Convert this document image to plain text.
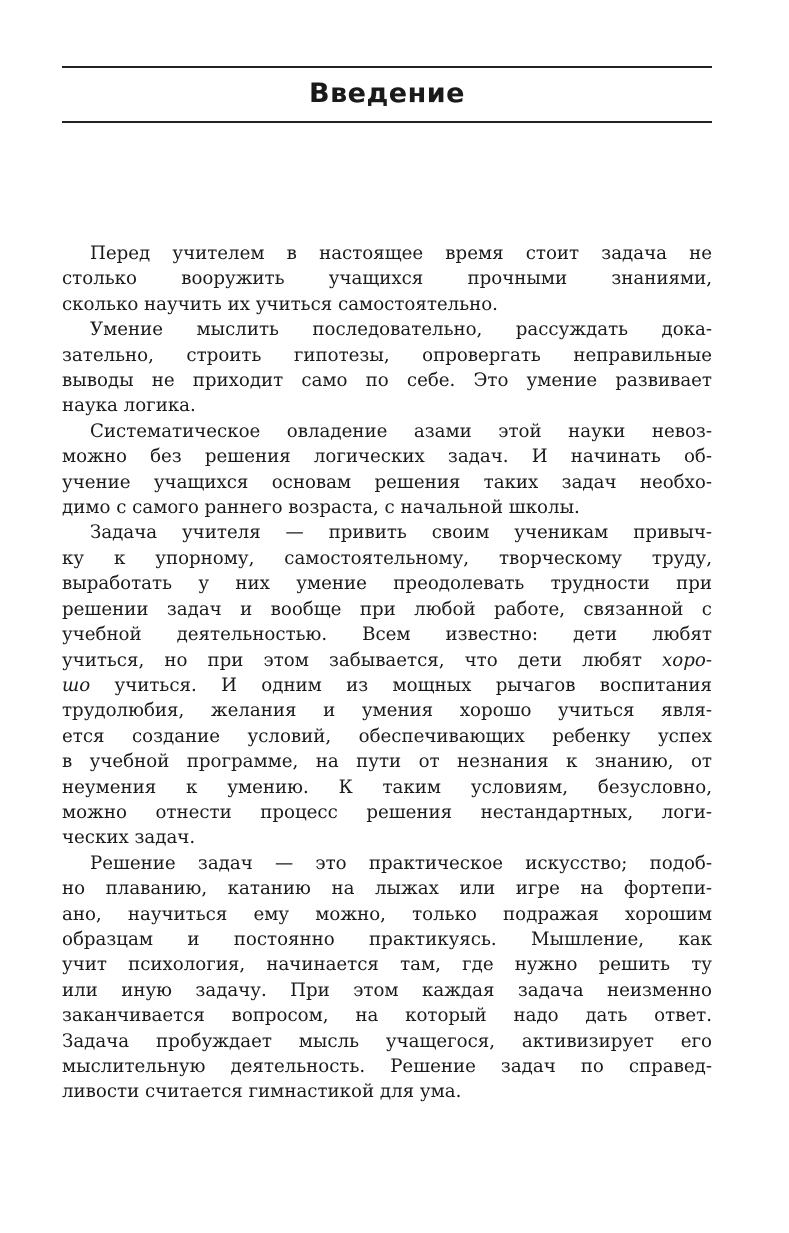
Введение

Перед учителем в настоящее время стоит задача не
столько вооружить учащихся прочными знаниями,
сколько научить их учиться самостоятельно.

Умение мыслить последовательно, рассуждать дока-
зательно, строить гипотезы, опровергать неправильные
выводы не приходит само по себе. Это умение развивает
наука логика.

Систематическое овладение азами этой науки невоз-
можно без решения логических задач. И начинать об-
учение учащихся основам решения таких задач необхо-
димо с самого раннего возраста, с начальной школы.

Задача учителя — привить своим ученикам привыч-
ку к упорному, самостоятельному, творческому труду,
выработать у них умение преодолевать трудности при
решении задач и вообще при любой работе, связанной с
учебной деятельностью. Всем известно: дети любят
учиться, но при этом забывается, что дети любят хоро-
шо учиться. И одним из мощных рычагов воспитания
трудолюбия, желания и умения хорошо учиться явля-
ется создание условий, обеспечивающих ребенку успех
в учебной программе, на пути от незнания к знанию, от
неумения к умению. К таким условиям, безусловно,
можно отнести процесс решения нестандартных, логи-
ческих задач.

Решение задач — это практическое искусство; подоб-
но плаванию, катанию на лыжах или игре на фортепи-
ано, научиться ему можно, только подражая хорошим
образцам и постоянно практикуясь. Мышление, как
учит психология, начинается там, где нужно решить ту
или иную задачу. При этом каждая задача неизменно
заканчивается вопросом, на который надо дать ответ.
Задача пробуждает мысль учащегося, активизирует его
мыслительную деятельность. Решение задач по справед-
ливости считается гимнастикой для ума.
